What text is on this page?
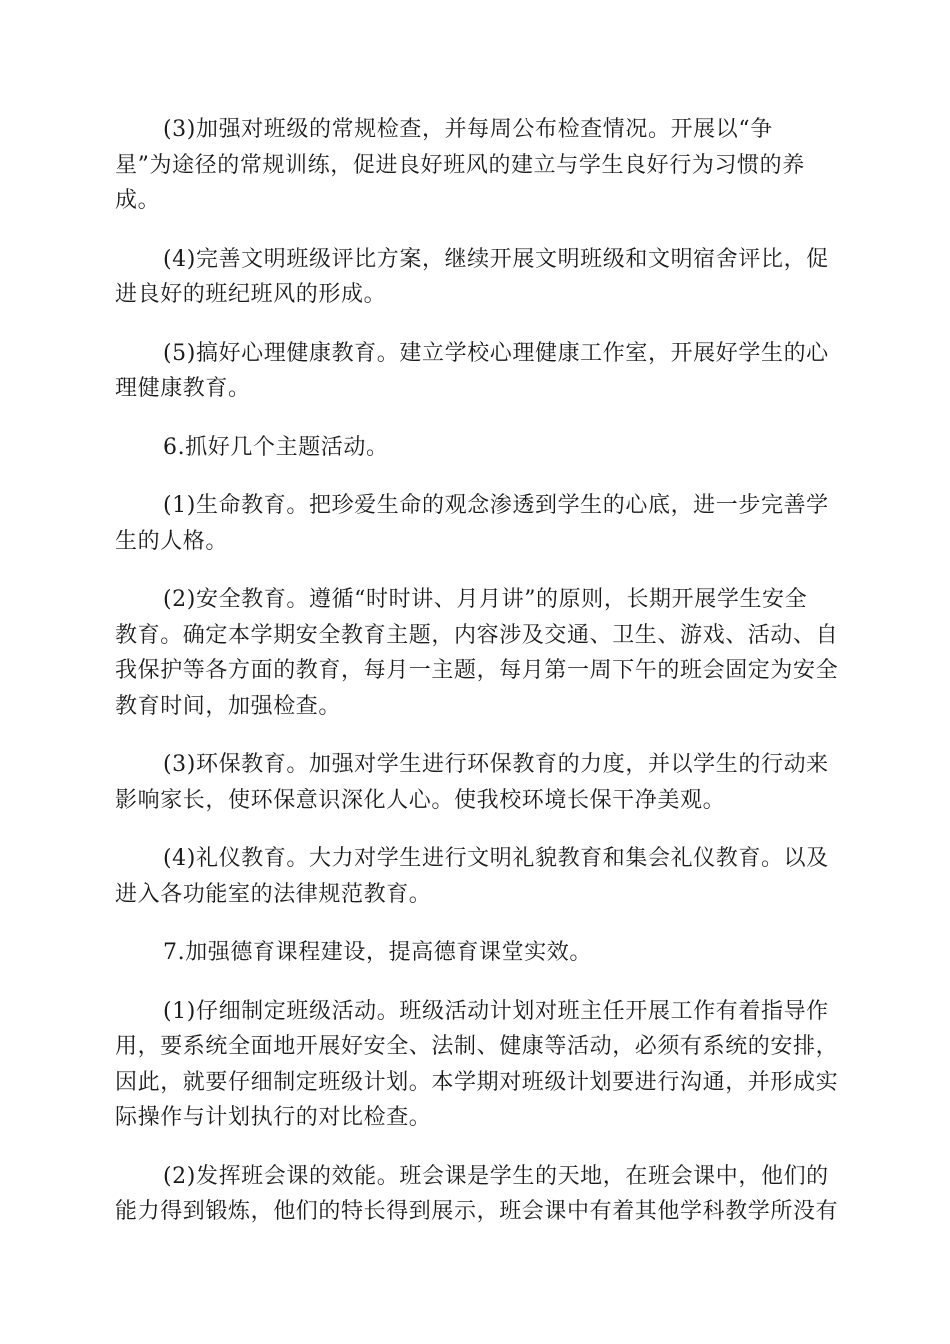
(3)加强对班级的常规检查，并每周公布检查情况。开展以“争
星”为途径的常规训练，促进良好班风的建立与学生良好行为习惯的养
成。

(4)完善文明班级评比方案，继续开展文明班级和文明宿舍评比，促
进良好的班纪班风的形成。

(5)搞好心理健康教育。建立学校心理健康工作室，开展好学生的心
理健康教育。

6.抓好几个主题活动。

(1)生命教育。把珍爱生命的观念渗透到学生的心底，进一步完善学
生的人格。

(2)安全教育。遵循“时时讲、月月讲”的原则，长期开展学生安全
教育。确定本学期安全教育主题，内容涉及交通、卫生、游戏、活动、自
我保护等各方面的教育，每月一主题，每月第一周下午的班会固定为安全
教育时间，加强检查。

(3)环保教育。加强对学生进行环保教育的力度，并以学生的行动来
影响家长，使环保意识深化人心。使我校环境长保干净美观。

(4)礼仪教育。大力对学生进行文明礼貌教育和集会礼仪教育。以及
进入各功能室的法律规范教育。

7.加强德育课程建设，提高德育课堂实效。

(1)仔细制定班级活动。班级活动计划对班主任开展工作有着指导作
用，要系统全面地开展好安全、法制、健康等活动，必须有系统的安排，
因此，就要仔细制定班级计划。本学期对班级计划要进行沟通，并形成实
际操作与计划执行的对比检查。

(2)发挥班会课的效能。班会课是学生的天地，在班会课中，他们的
能力得到锻炼，他们的特长得到展示，班会课中有着其他学科教学所没有
